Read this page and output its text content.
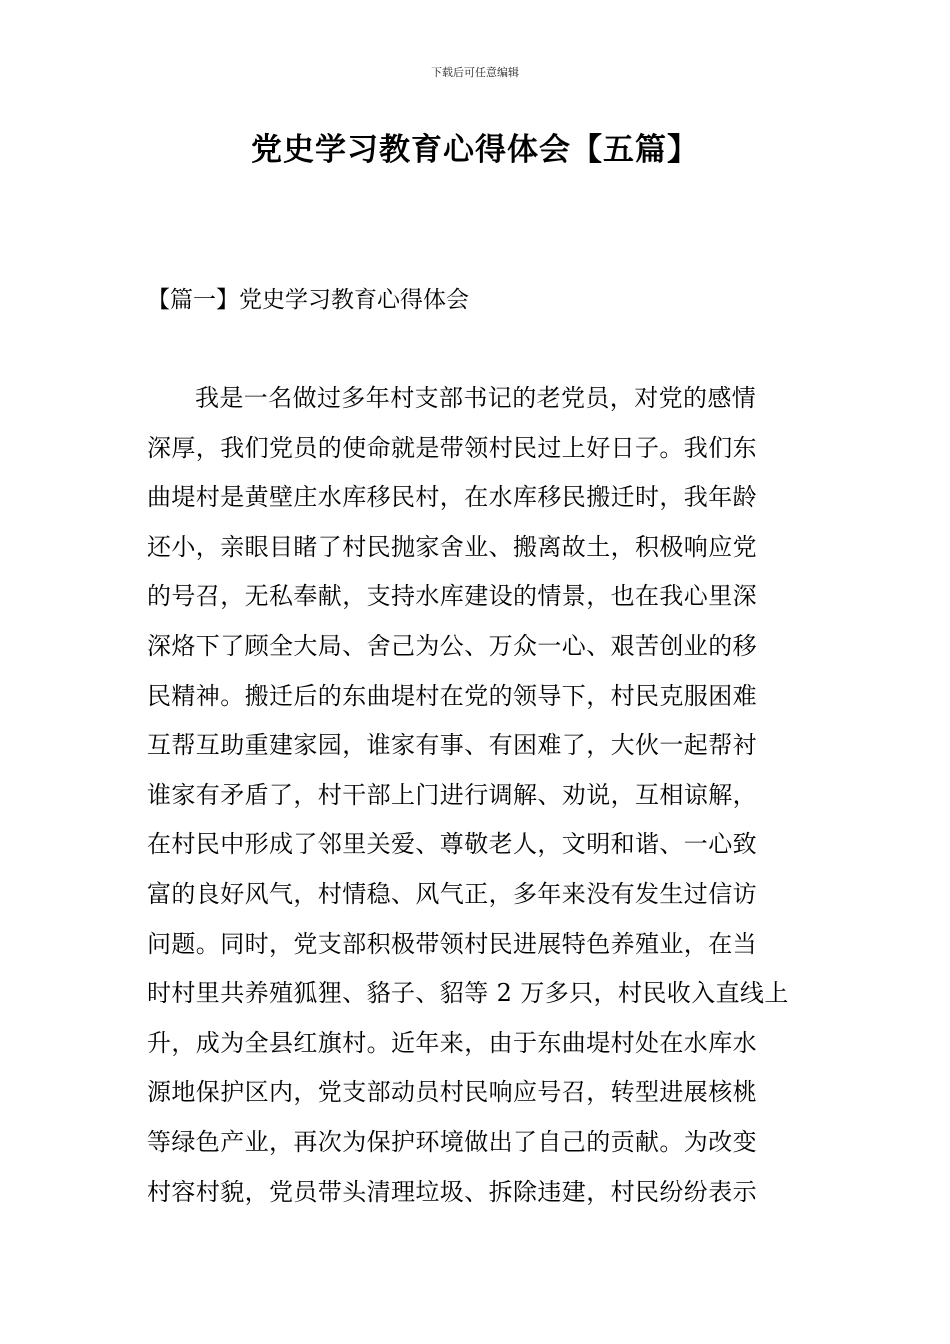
下载后可任意编辑
党史学习教育心得体会【五篇】
【篇一】党史学习教育心得体会
我是一名做过多年村支部书记的老党员，对党的感情
深厚，我们党员的使命就是带领村民过上好日子。我们东
曲堤村是黄壁庄水库移民村，在水库移民搬迁时，我年龄
还小，亲眼目睹了村民抛家舍业、搬离故土，积极响应党
的号召，无私奉献，支持水库建设的情景，也在我心里深
深烙下了顾全大局、舍己为公、万众一心、艰苦创业的移
民精神。搬迁后的东曲堤村在党的领导下，村民克服困难
互帮互助重建家园，谁家有事、有困难了，大伙一起帮衬
谁家有矛盾了，村干部上门进行调解、劝说，互相谅解，
在村民中形成了邻里关爱、尊敬老人，文明和谐、一心致
富的良好风气，村情稳、风气正，多年来没有发生过信访
问题。同时，党支部积极带领村民进展特色养殖业，在当
时村里共养殖狐狸、貉子、貂等 2 万多只，村民收入直线上
升，成为全县红旗村。近年来，由于东曲堤村处在水库水
源地保护区内，党支部动员村民响应号召，转型进展核桃
等绿色产业，再次为保护环境做出了自己的贡献。为改变
村容村貌，党员带头清理垃圾、拆除违建，村民纷纷表示
